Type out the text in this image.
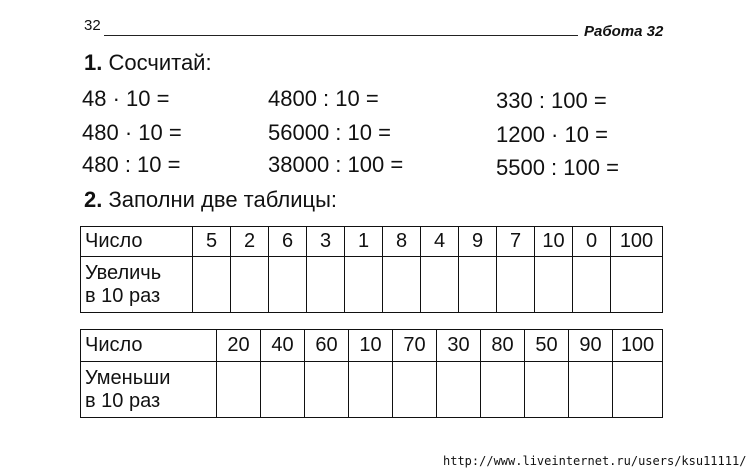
32	Работа 32
1. Сосчитай:
48 · 10 =
480 · 10 =
480 : 10 =
4800 : 10 =
56000 : 10 =
38000 : 100 =
330 : 100 =
1200 · 10 =
5500 : 100 =
2. Заполни две таблицы:
Число	5	2	6	3	1	8	4	9	7	10	0	100
Увеличь
в 10 раз												
Число	20	40	60	10	70	30	80	50	90	100
Уменьши
в 10 раз										
http://www.liveinternet.ru/users/ksu11111/
